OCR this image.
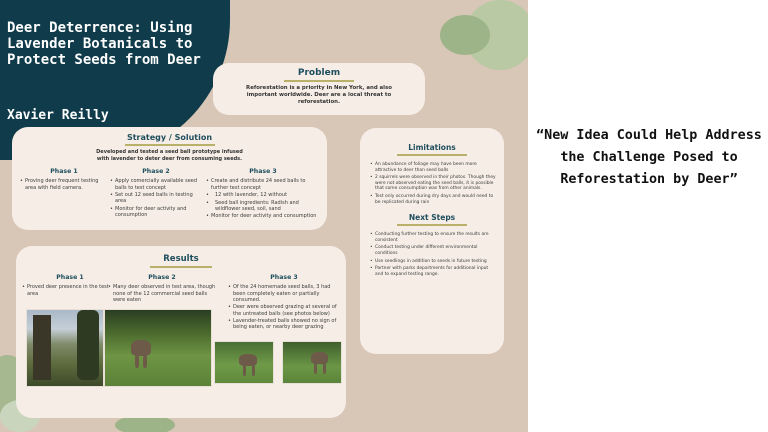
Deer Deterrence: Using Lavender Botanicals to Protect Seeds from Deer
Xavier Reilly
Problem
Reforestation is a priority in New York, and also important worldwide. Deer are a local threat to reforestation.
Strategy / Solution
Developed and tested a seed ball prototype infused with lavender to deter deer from consuming seeds.
Phase 1
• Proving deer frequent testing area with field camera.
Phase 2
• Apply comercially available seed balls to test concept
• Set out 12 seed balls in testing area
• Monitor for deer activity and consumption
Phase 3
• Create and distribute 24 seed balls to further test concept
• 12 with lavender, 12 without
• Seed ball ingredients: Radish and wildflower seed, soil, sand
• Monitor for deer activity and consumption
Results
Phase 1
• Proved deer presence in the test area
Phase 2
• Many deer observed in test area, though none of the 12 commercial seed balls were eaten
Phase 3
• Of the 24 homemade seed balls, 3 had been completely eaten or partially consumed.
• Deer were observed grazing at several of the untreated balls (see photos below)
• Lavender-treated balls showed no sign of being eaten, or nearby deer grazing
Limitations
• An abundance of foliage may have been more attractive to deer than seed balls
• 2 squirrels were observed in their photos. Though they were not observed eating the seed balls, it is possible that some consumption was from other animals.
• Test only occurred during dry days and would need to be replicated during rain
Next Steps
• Conducting further testing to ensure the results are consistent
• Conduct testing under different environmental conditions
• Use seedlings in addition to seeds in future testing
• Partner with parks departments for additional input and to expand testing range.
“New Idea Could Help Address the Challenge Posed to Reforestation by Deer”
